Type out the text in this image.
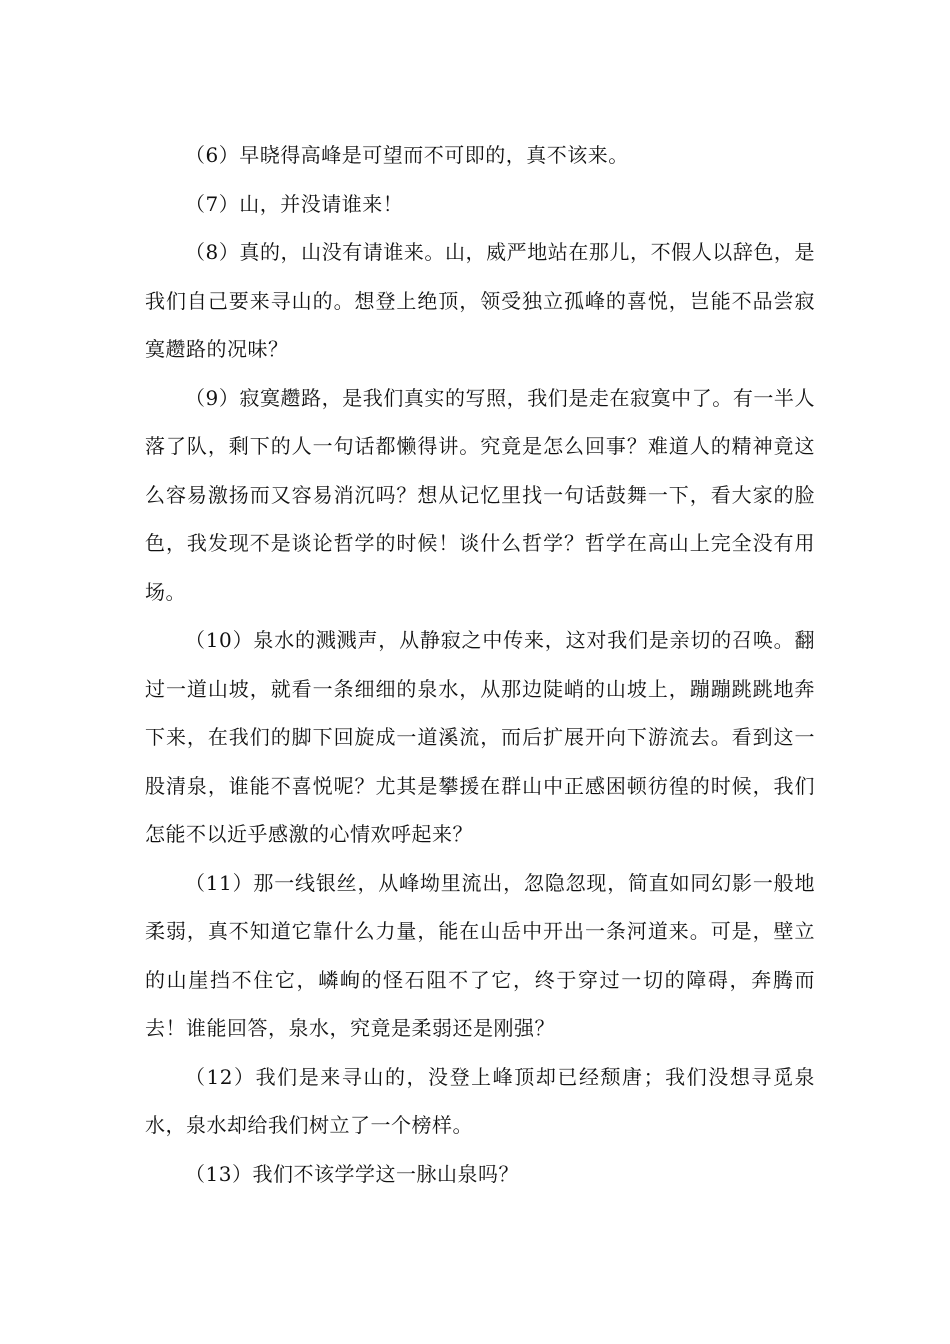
（6）早晓得高峰是可望而不可即的，真不该来。

（7）山，并没请谁来！

（8）真的，山没有请谁来。山，威严地站在那儿，不假人以辞色，是我们自己要来寻山的。想登上绝顶，领受独立孤峰的喜悦，岂能不品尝寂寞趱路的况味？

（9）寂寞趱路，是我们真实的写照，我们是走在寂寞中了。有一半人落了队，剩下的人一句话都懒得讲。究竟是怎么回事？难道人的精神竟这么容易激扬而又容易消沉吗？想从记忆里找一句话鼓舞一下，看大家的脸色，我发现不是谈论哲学的时候！谈什么哲学？哲学在高山上完全没有用场。

（10）泉水的溅溅声，从静寂之中传来，这对我们是亲切的召唤。翻过一道山坡，就看一条细细的泉水，从那边陡峭的山坡上，蹦蹦跳跳地奔下来，在我们的脚下回旋成一道溪流，而后扩展开向下游流去。看到这一股清泉，谁能不喜悦呢？尤其是攀援在群山中正感困顿彷徨的时候，我们怎能不以近乎感激的心情欢呼起来？

（11）那一线银丝，从峰坳里流出，忽隐忽现，简直如同幻影一般地柔弱，真不知道它靠什么力量，能在山岳中开出一条河道来。可是，壁立的山崖挡不住它，嶙峋的怪石阻不了它，终于穿过一切的障碍，奔腾而去！谁能回答，泉水，究竟是柔弱还是刚强？

（12）我们是来寻山的，没登上峰顶却已经颓唐；我们没想寻觅泉水，泉水却给我们树立了一个榜样。

（13）我们不该学学这一脉山泉吗？
